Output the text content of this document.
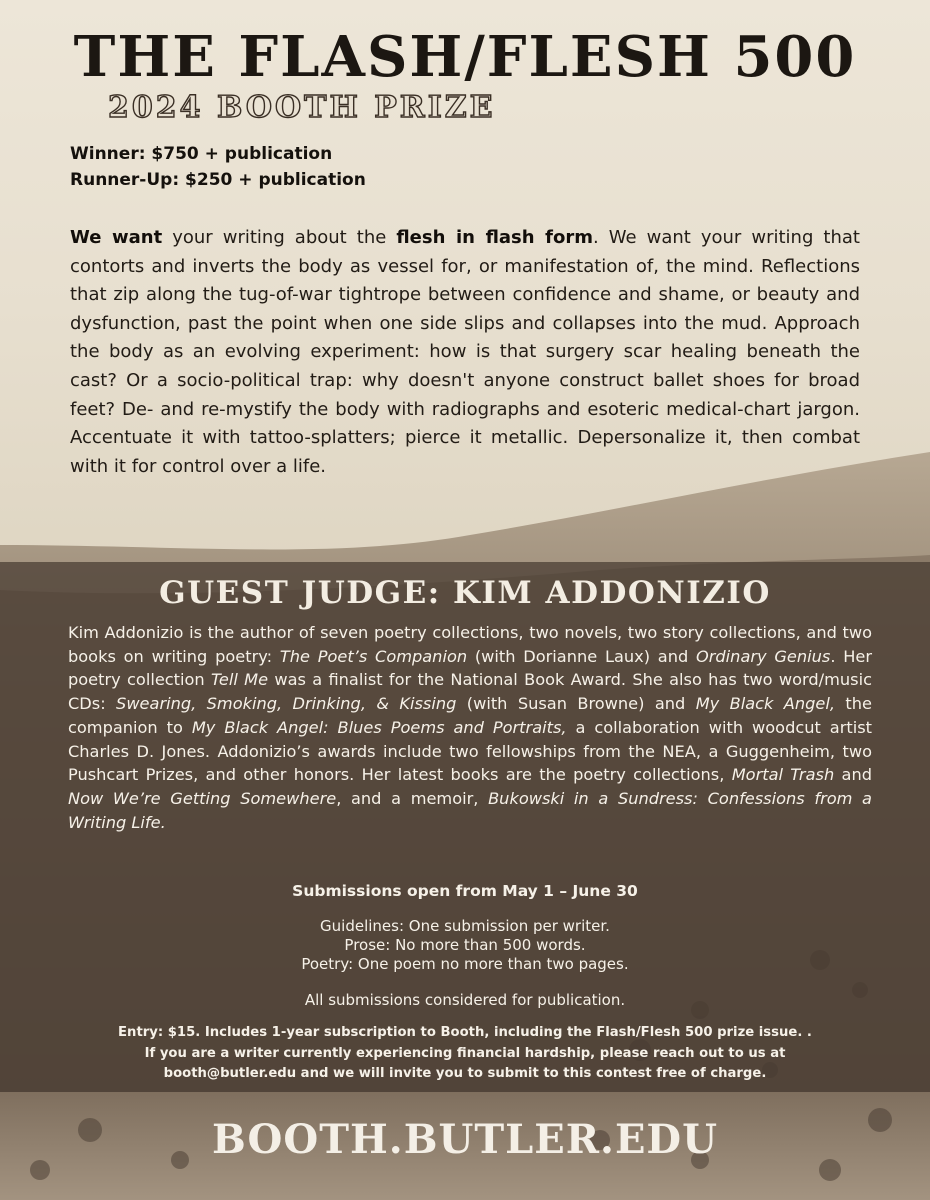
THE FLASH/FLESH 500
2024 BOOTH PRIZE
Winner: $750 + publication
Runner-Up: $250 + publication

We want your writing about the flesh in flash form. We want your writing that contorts and inverts the body as vessel for, or manifestation of, the mind. Reflections that zip along the tug-of-war tightrope between confidence and shame, or beauty and dysfunction, past the point when one side slips and collapses into the mud. Approach the body as an evolving experiment: how is that surgery scar healing beneath the cast? Or a socio-political trap: why doesn't anyone construct ballet shoes for broad feet? De- and re-mystify the body with radiographs and esoteric medical-chart jargon. Accentuate it with tattoo-splatters; pierce it metallic. Depersonalize it, then combat with it for control over a life.

GUEST JUDGE: KIM ADDONIZIO

Kim Addonizio is the author of seven poetry collections, two novels, two story collections, and two books on writing poetry: The Poet’s Companion (with Dorianne Laux) and Ordinary Genius. Her poetry collection Tell Me was a finalist for the National Book Award. She also has two word/music CDs: Swearing, Smoking, Drinking, & Kissing (with Susan Browne) and My Black Angel, the companion to My Black Angel: Blues Poems and Portraits, a collaboration with woodcut artist Charles D. Jones. Addonizio’s awards include two fellowships from the NEA, a Guggenheim, two Pushcart Prizes, and other honors. Her latest books are the poetry collections, Mortal Trash and Now We’re Getting Somewhere, and a memoir, Bukowski in a Sundress: Confessions from a Writing Life.

Submissions open from May 1 – June 30
Guidelines: One submission per writer.
Prose: No more than 500 words.
Poetry: One poem no more than two pages.
All submissions considered for publication.
Entry: $15. Includes 1-year subscription to Booth, including the Flash/Flesh 500 prize issue. .
If you are a writer currently experiencing financial hardship, please reach out to us at
booth@butler.edu and we will invite you to submit to this contest free of charge.
BOOTH.BUTLER.EDU
